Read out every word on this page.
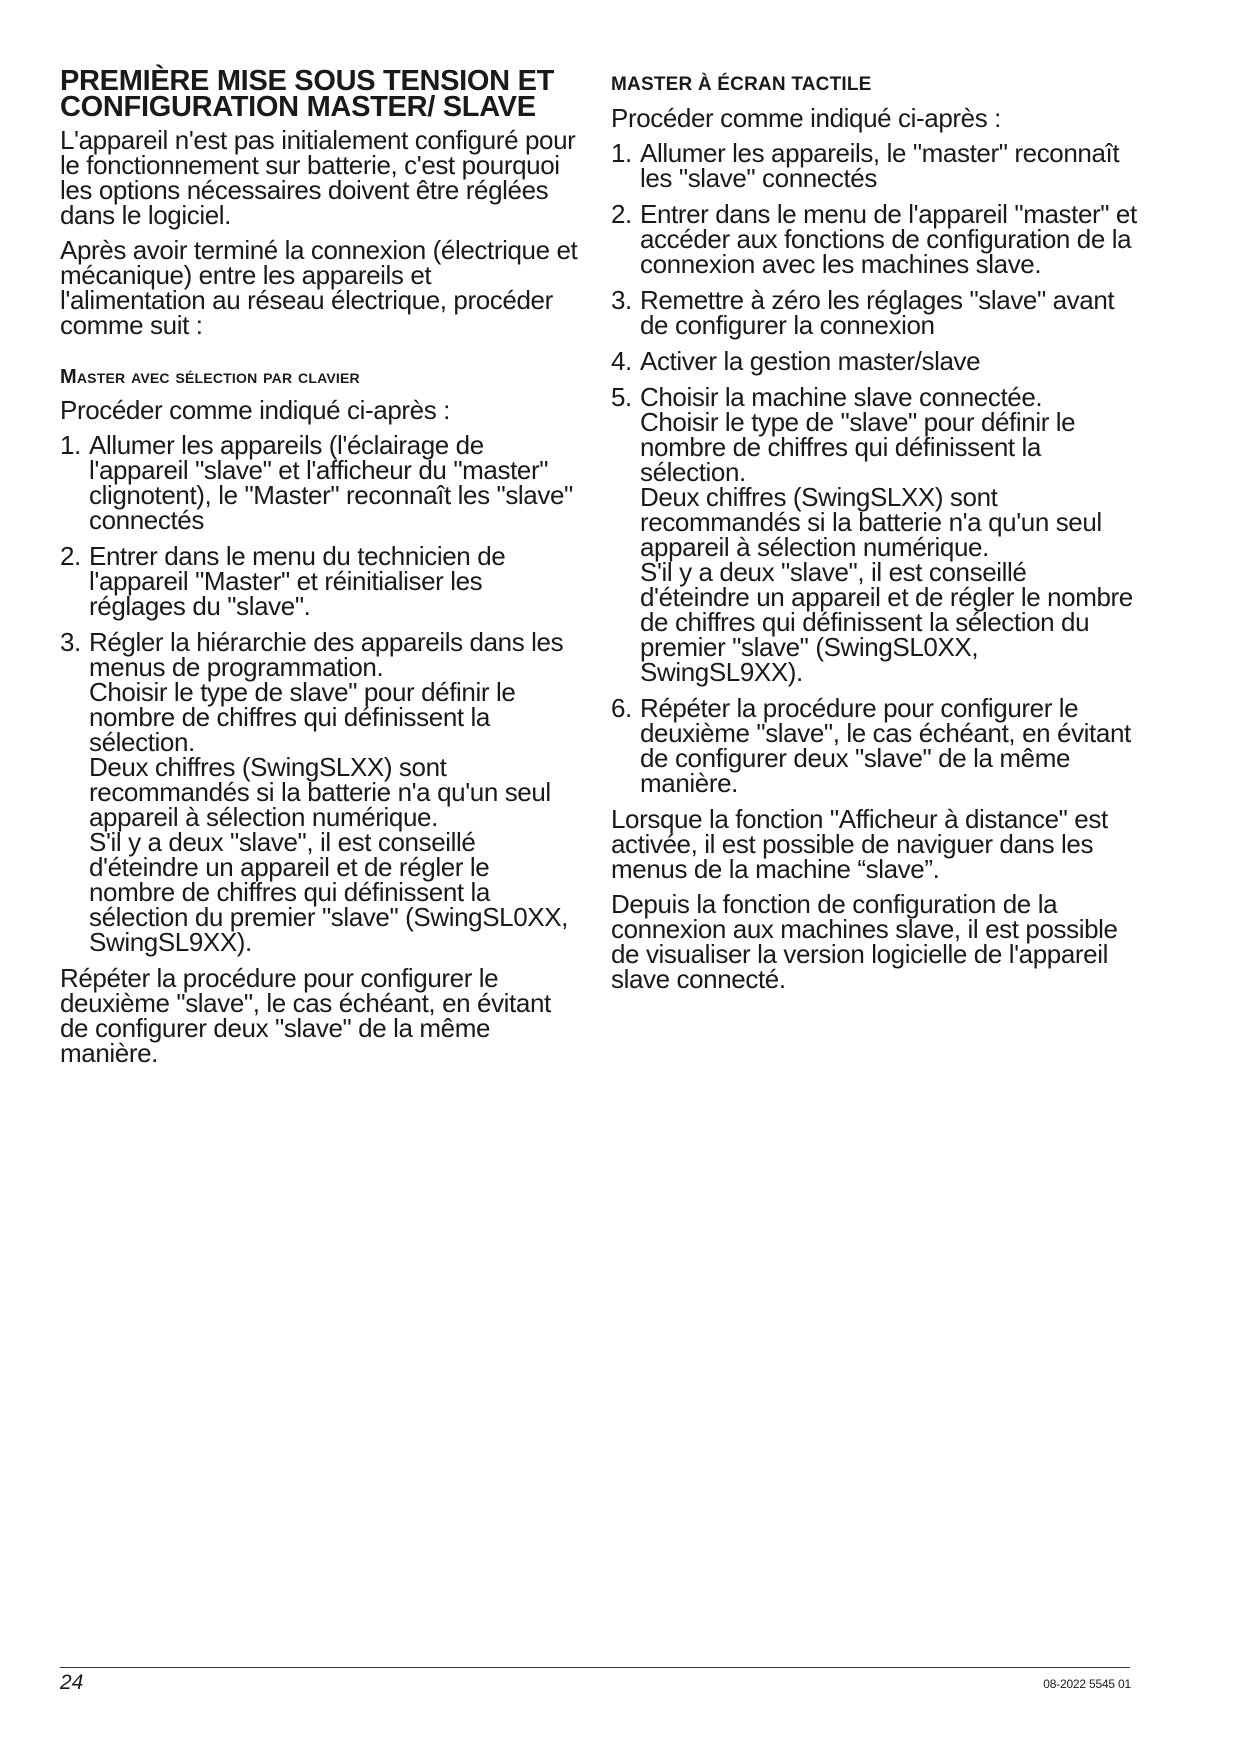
PREMIÈRE MISE SOUS TENSION ET CONFIGURATION MASTER/ SLAVE

L'appareil n'est pas initialement configuré pour le fonctionnement sur batterie, c'est pourquoi les options nécessaires doivent être réglées dans le logiciel.

Après avoir terminé la connexion (électrique et mécanique) entre les appareils et l'alimentation au réseau électrique, procéder comme suit :

Master avec sélection par clavier

Procéder comme indiqué ci-après :

1. Allumer les appareils (l'éclairage de l'appareil "slave" et l'afficheur du "master" clignotent), le "Master" reconnaît les "slave" connectés
2. Entrer dans le menu du technicien de l'appareil "Master" et réinitialiser les réglages du "slave".
3. Régler la hiérarchie des appareils dans les menus de programmation.
Choisir le type de slave" pour définir le nombre de chiffres qui définissent la sélection.
Deux chiffres (SwingSLXX) sont recommandés si la batterie n'a qu'un seul appareil à sélection numérique.
S'il y a deux "slave", il est conseillé d'éteindre un appareil et de régler le nombre de chiffres qui définissent la sélection du premier "slave" (SwingSL0XX, SwingSL9XX).

Répéter la procédure pour configurer le deuxième "slave", le cas échéant, en évitant de configurer deux "slave" de la même manière.

MASTER À ÉCRAN TACTILE

Procéder comme indiqué ci-après :

1. Allumer les appareils, le "master" reconnaît les "slave" connectés
2. Entrer dans le menu de l'appareil "master" et accéder aux fonctions de configuration de la connexion avec les machines slave.
3. Remettre à zéro les réglages "slave" avant de configurer la connexion
4. Activer la gestion master/slave
5. Choisir la machine slave connectée.
Choisir le type de "slave" pour définir le nombre de chiffres qui définissent la sélection.
Deux chiffres (SwingSLXX) sont recommandés si la batterie n'a qu'un seul appareil à sélection numérique.
S'il y a deux "slave", il est conseillé d'éteindre un appareil et de régler le nombre de chiffres qui définissent la sélection du premier "slave" (SwingSL0XX, SwingSL9XX).
6. Répéter la procédure pour configurer le deuxième "slave", le cas échéant, en évitant de configurer deux "slave" de la même manière.

Lorsque la fonction "Afficheur à distance" est activée, il est possible de naviguer dans les menus de la machine “slave”.

Depuis la fonction de configuration de la connexion aux machines slave, il est possible de visualiser la version logicielle de l'appareil slave connecté.

24	08-2022 5545 01
